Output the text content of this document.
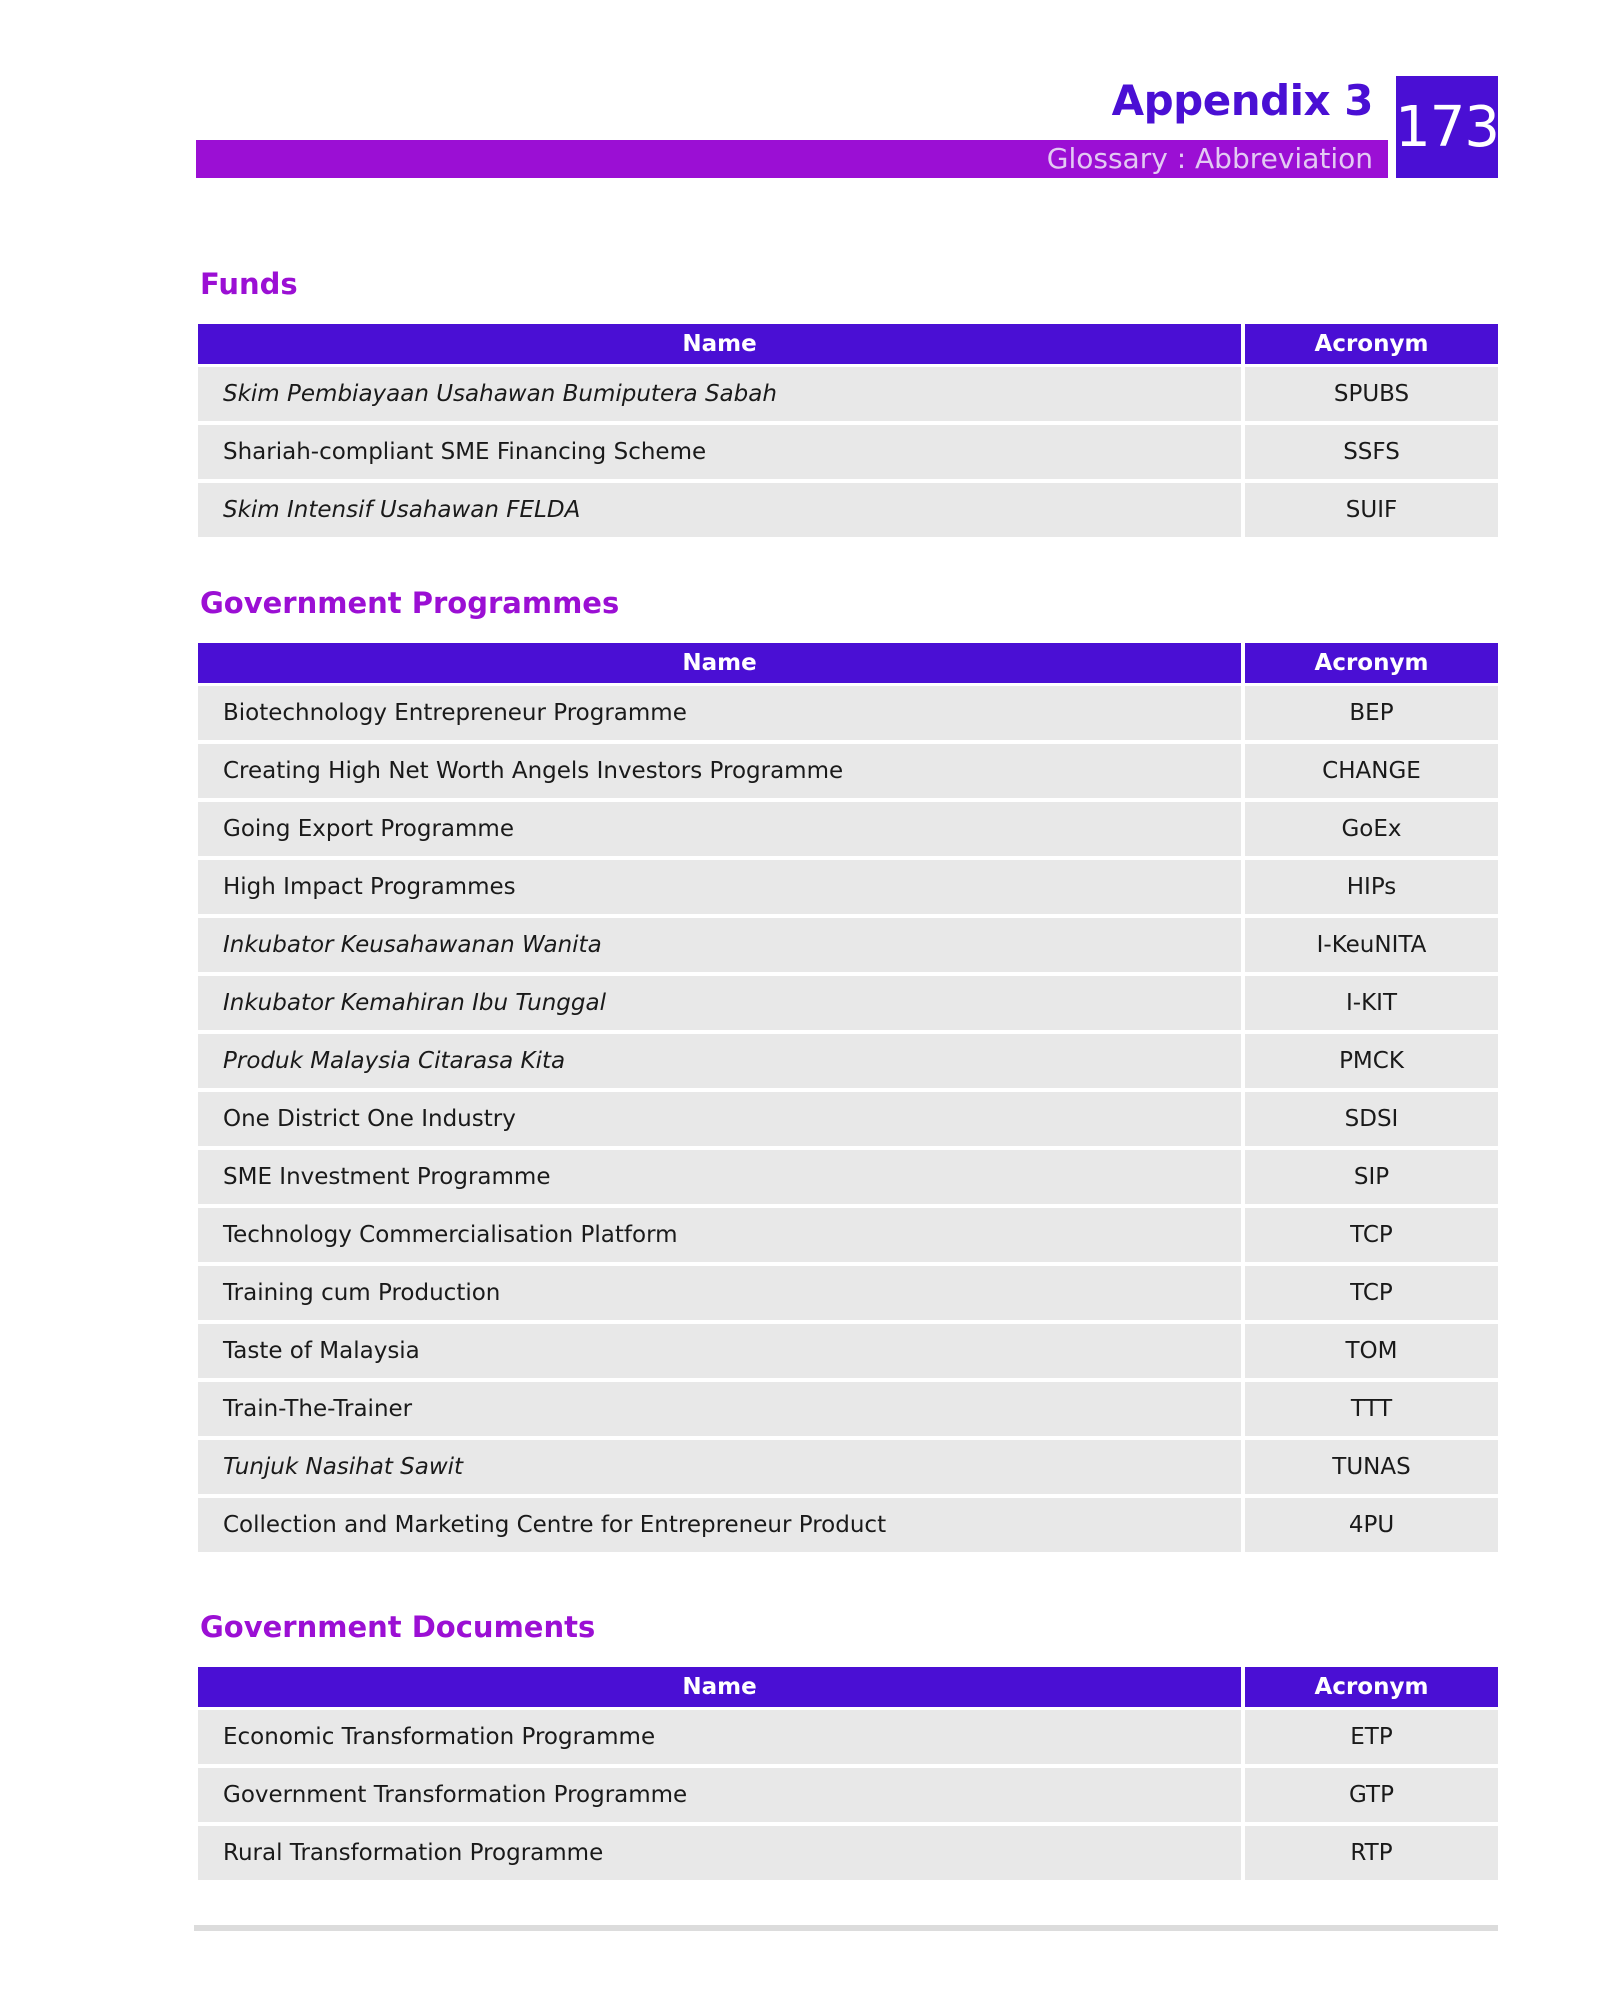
Appendix 3
Glossary : Abbreviation 173
Funds
Name	Acronym
Skim Pembiayaan Usahawan Bumiputera Sabah	SPUBS
Shariah-compliant SME Financing Scheme	SSFS
Skim Intensif Usahawan FELDA	SUIF
Government Programmes
Name	Acronym
Biotechnology Entrepreneur Programme	BEP
Creating High Net Worth Angels Investors Programme	CHANGE
Going Export Programme	GoEx
High Impact Programmes	HIPs
Inkubator Keusahawanan Wanita	I-KeuNITA
Inkubator Kemahiran Ibu Tunggal	I-KIT
Produk Malaysia Citarasa Kita	PMCK
One District One Industry	SDSI
SME Investment Programme	SIP
Technology Commercialisation Platform	TCP
Training cum Production	TCP
Taste of Malaysia	TOM
Train-The-Trainer	TTT
Tunjuk Nasihat Sawit	TUNAS
Collection and Marketing Centre for Entrepreneur Product	4PU
Government Documents
Name	Acronym
Economic Transformation Programme	ETP
Government Transformation Programme	GTP
Rural Transformation Programme	RTP
